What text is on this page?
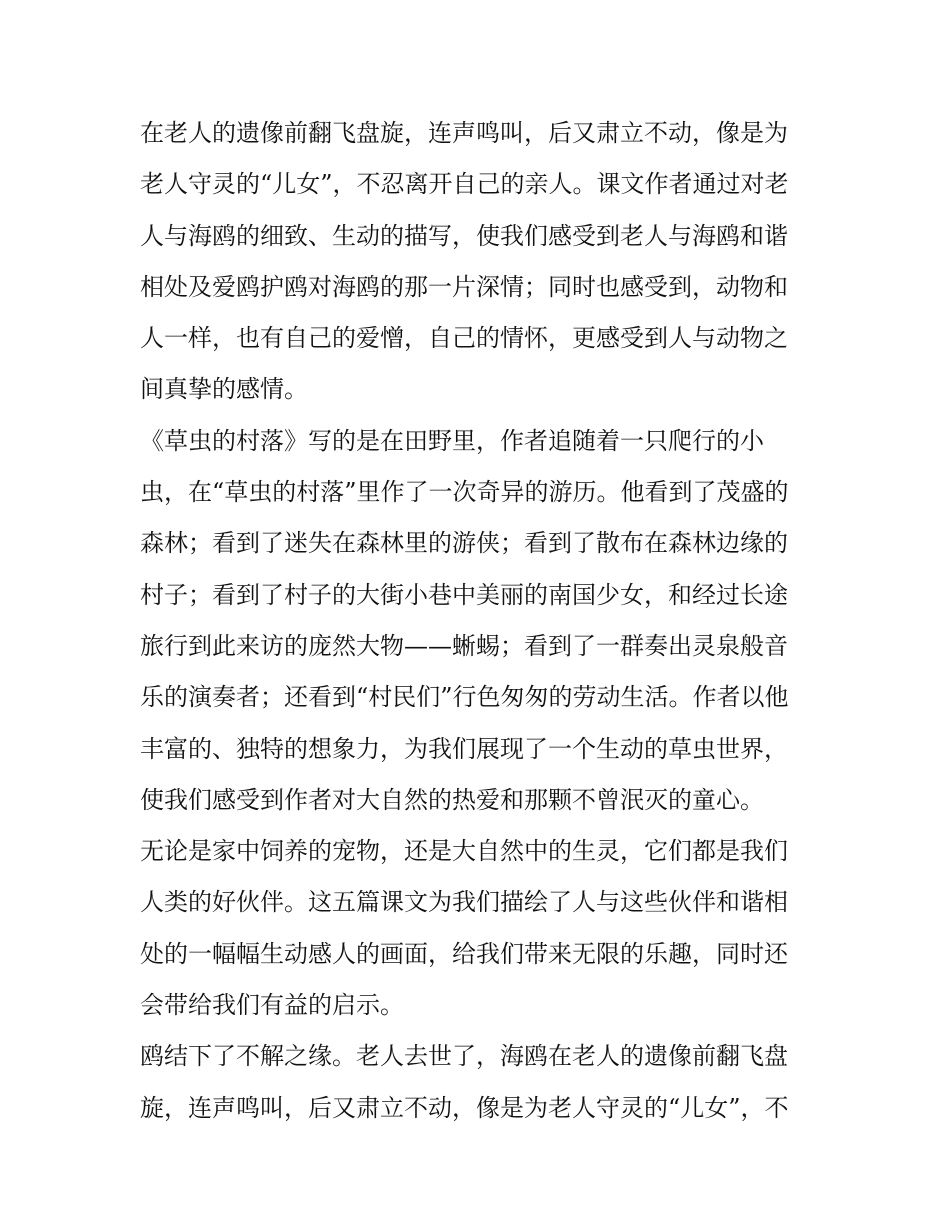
在老人的遗像前翻飞盘旋，连声鸣叫，后又肃立不动，像是为
老人守灵的“儿女”，不忍离开自己的亲人。课文作者通过对老
人与海鸥的细致、生动的描写，使我们感受到老人与海鸥和谐
相处及爱鸥护鸥对海鸥的那一片深情；同时也感受到，动物和
人一样，也有自己的爱憎，自己的情怀，更感受到人与动物之
间真挚的感情。
《草虫的村落》写的是在田野里，作者追随着一只爬行的小
虫，在“草虫的村落”里作了一次奇异的游历。他看到了茂盛的
森林；看到了迷失在森林里的游侠；看到了散布在森林边缘的
村子；看到了村子的大街小巷中美丽的南国少女，和经过长途
旅行到此来访的庞然大物——蜥蜴；看到了一群奏出灵泉般音
乐的演奏者；还看到“村民们”行色匆匆的劳动生活。作者以他
丰富的、独特的想象力，为我们展现了一个生动的草虫世界，
使我们感受到作者对大自然的热爱和那颗不曾泯灭的童心。
无论是家中饲养的宠物，还是大自然中的生灵，它们都是我们
人类的好伙伴。这五篇课文为我们描绘了人与这些伙伴和谐相
处的一幅幅生动感人的画面，给我们带来无限的乐趣，同时还
会带给我们有益的启示。
鸥结下了不解之缘。老人去世了，海鸥在老人的遗像前翻飞盘
旋，连声鸣叫，后又肃立不动，像是为老人守灵的“儿女”，不
